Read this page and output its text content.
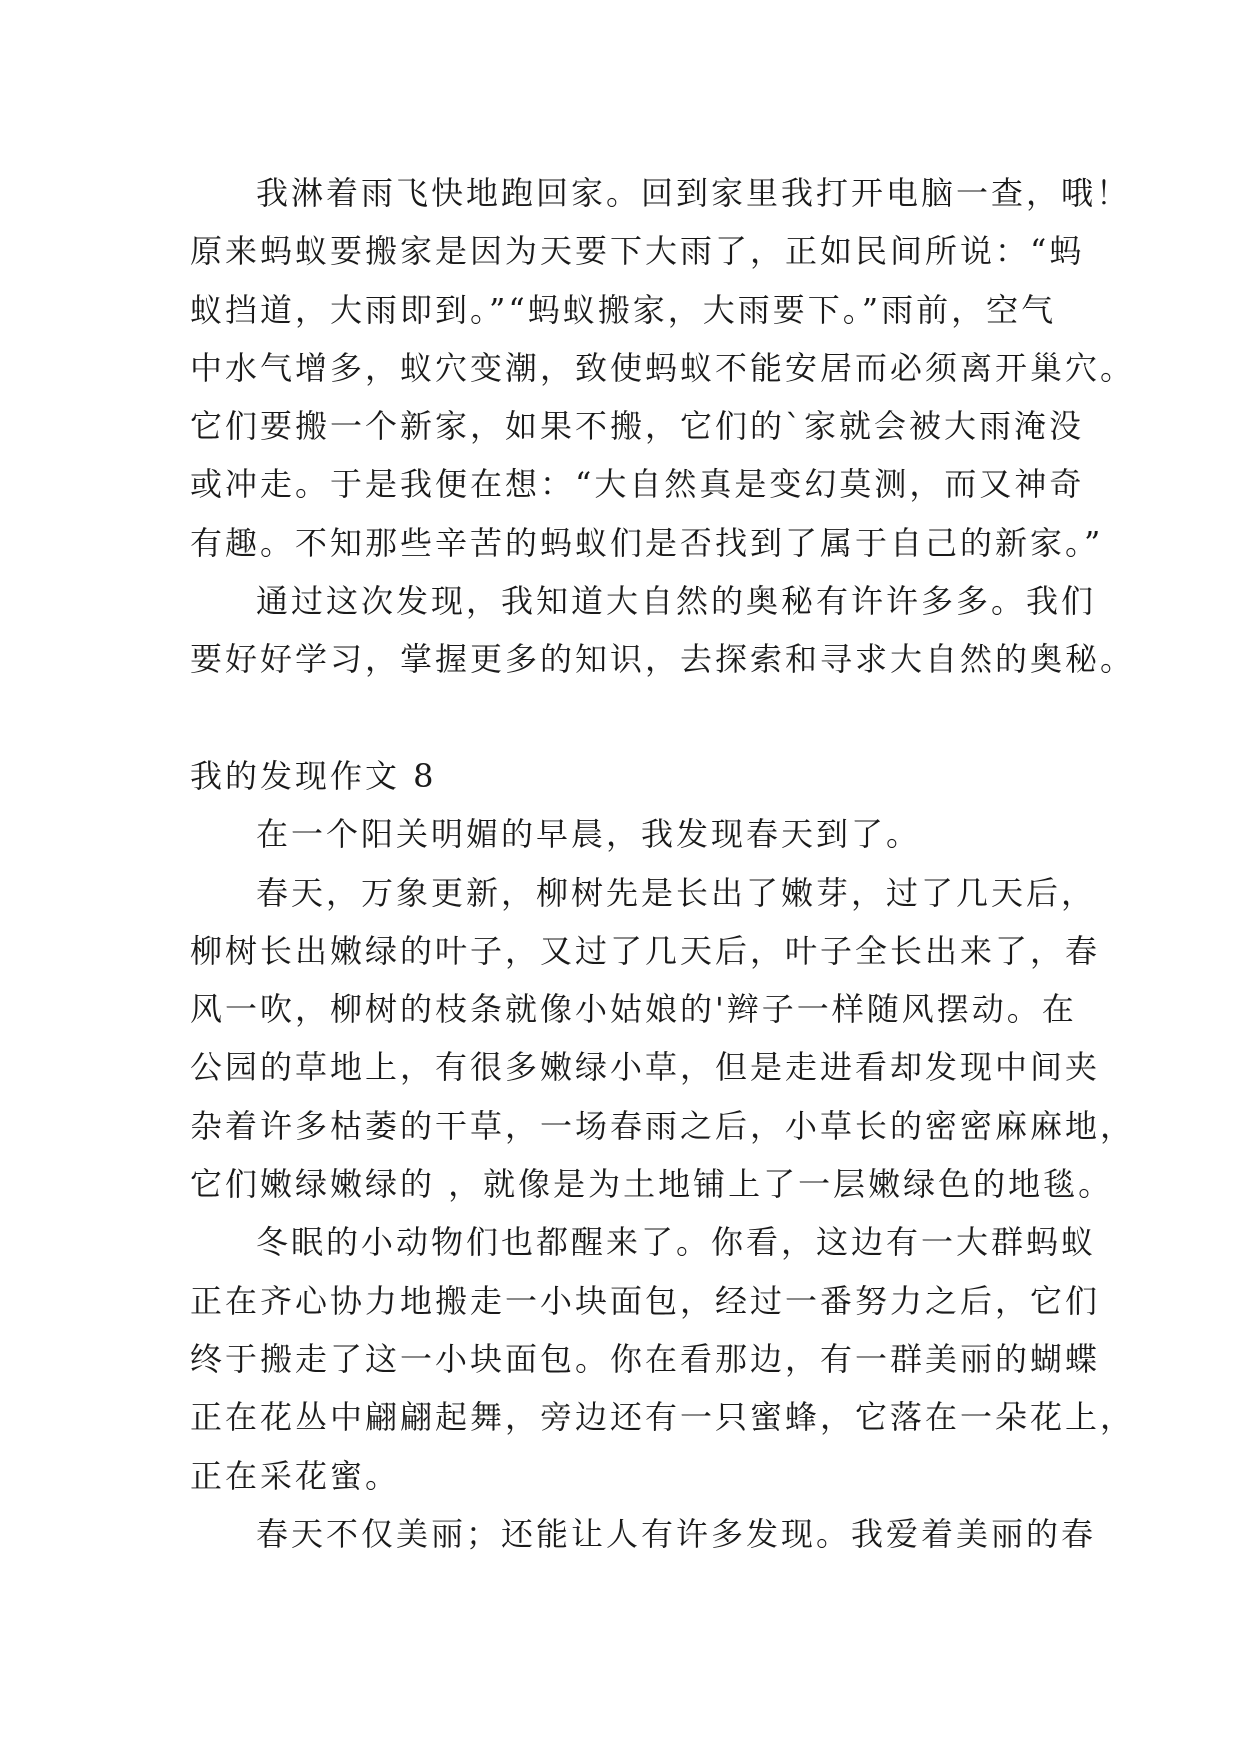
我淋着雨飞快地跑回家。回到家里我打开电脑一查，哦！
原来蚂蚁要搬家是因为天要下大雨了，正如民间所说：“蚂
蚁挡道，大雨即到。”“蚂蚁搬家，大雨要下。”雨前，空气
中水气增多，蚁穴变潮，致使蚂蚁不能安居而必须离开巢穴。
它们要搬一个新家，如果不搬，它们的`家就会被大雨淹没
或冲走。于是我便在想：“大自然真是变幻莫测，而又神奇
有趣。不知那些辛苦的蚂蚁们是否找到了属于自己的新家。”
通过这次发现，我知道大自然的奥秘有许许多多。我们
要好好学习，掌握更多的知识，去探索和寻求大自然的奥秘。
我的发现作文 8
在一个阳关明媚的早晨，我发现春天到了。
春天，万象更新，柳树先是长出了嫩芽，过了几天后，
柳树长出嫩绿的叶子，又过了几天后，叶子全长出来了，春
风一吹，柳树的枝条就像小姑娘的'辫子一样随风摆动。在
公园的草地上，有很多嫩绿小草，但是走进看却发现中间夹
杂着许多枯萎的干草，一场春雨之后，小草长的密密麻麻地，
它们嫩绿嫩绿的 ，就像是为土地铺上了一层嫩绿色的地毯。
冬眠的小动物们也都醒来了。你看，这边有一大群蚂蚁
正在齐心协力地搬走一小块面包，经过一番努力之后，它们
终于搬走了这一小块面包。你在看那边，有一群美丽的蝴蝶
正在花丛中翩翩起舞，旁边还有一只蜜蜂，它落在一朵花上，
正在采花蜜。
春天不仅美丽；还能让人有许多发现。我爱着美丽的春
